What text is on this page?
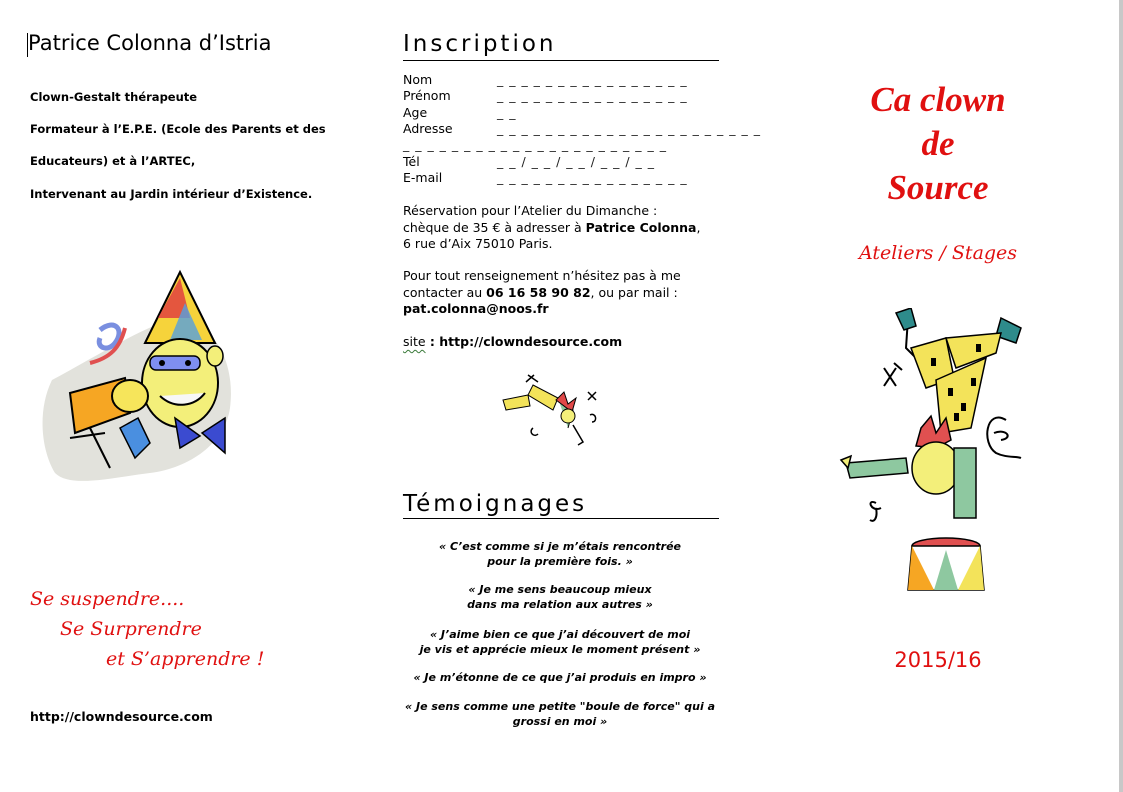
Patrice Colonna d’Istria
Clown-Gestalt thérapeute
Formateur à l’E.P.E. (Ecole des Parents et des
Educateurs) et à l’ARTEC,
Intervenant au Jardin intérieur d’Existence.
Se suspendre....
Se Surprendre
et S’apprendre !
http://clowndesource.com
Inscription
Nom
Prénom
Age
Adresse
Tél
E-mail
_ _ _ _ _ _ _ _ _ _ _ _ _ _ _ _
_ _ _ _ _ _ _ _ _ _ _ _ _ _ _ _
_ _
_ _ _ _ _ _ _ _ _ _ _ _ _ _ _ _ _ _ _ _ _ _
_ _ _ _ _ _ _ _ _ _ _ _ _ _ _ _ _ _ _ _ _ _
_ _ / _ _ / _ _ / _ _ / _ _
_ _ _ _ _ _ _ _ _ _ _ _ _ _ _ _
Réservation pour l’Atelier du Dimanche :
chèque de 35 € à adresser à Patrice Colonna,
6 rue d’Aix 75010 Paris.
Pour tout renseignement n’hésitez pas à me
contacter au 06 16 58 90 82, ou par mail :
pat.colonna@noos.fr
site : http://clowndesource.com
Témoignages
« C’est comme si je m’étais rencontrée
pour la première fois. »
« Je me sens beaucoup mieux
dans ma relation aux autres »
« J’aime bien ce que j’ai découvert de moi
je vis et apprécie mieux le moment présent »
« Je m’étonne de ce que j’ai produis en impro »
« Je sens comme une petite "boule de force" qui a
grossi en moi »
Ca clown
de
Source
Ateliers / Stages
2015/16
